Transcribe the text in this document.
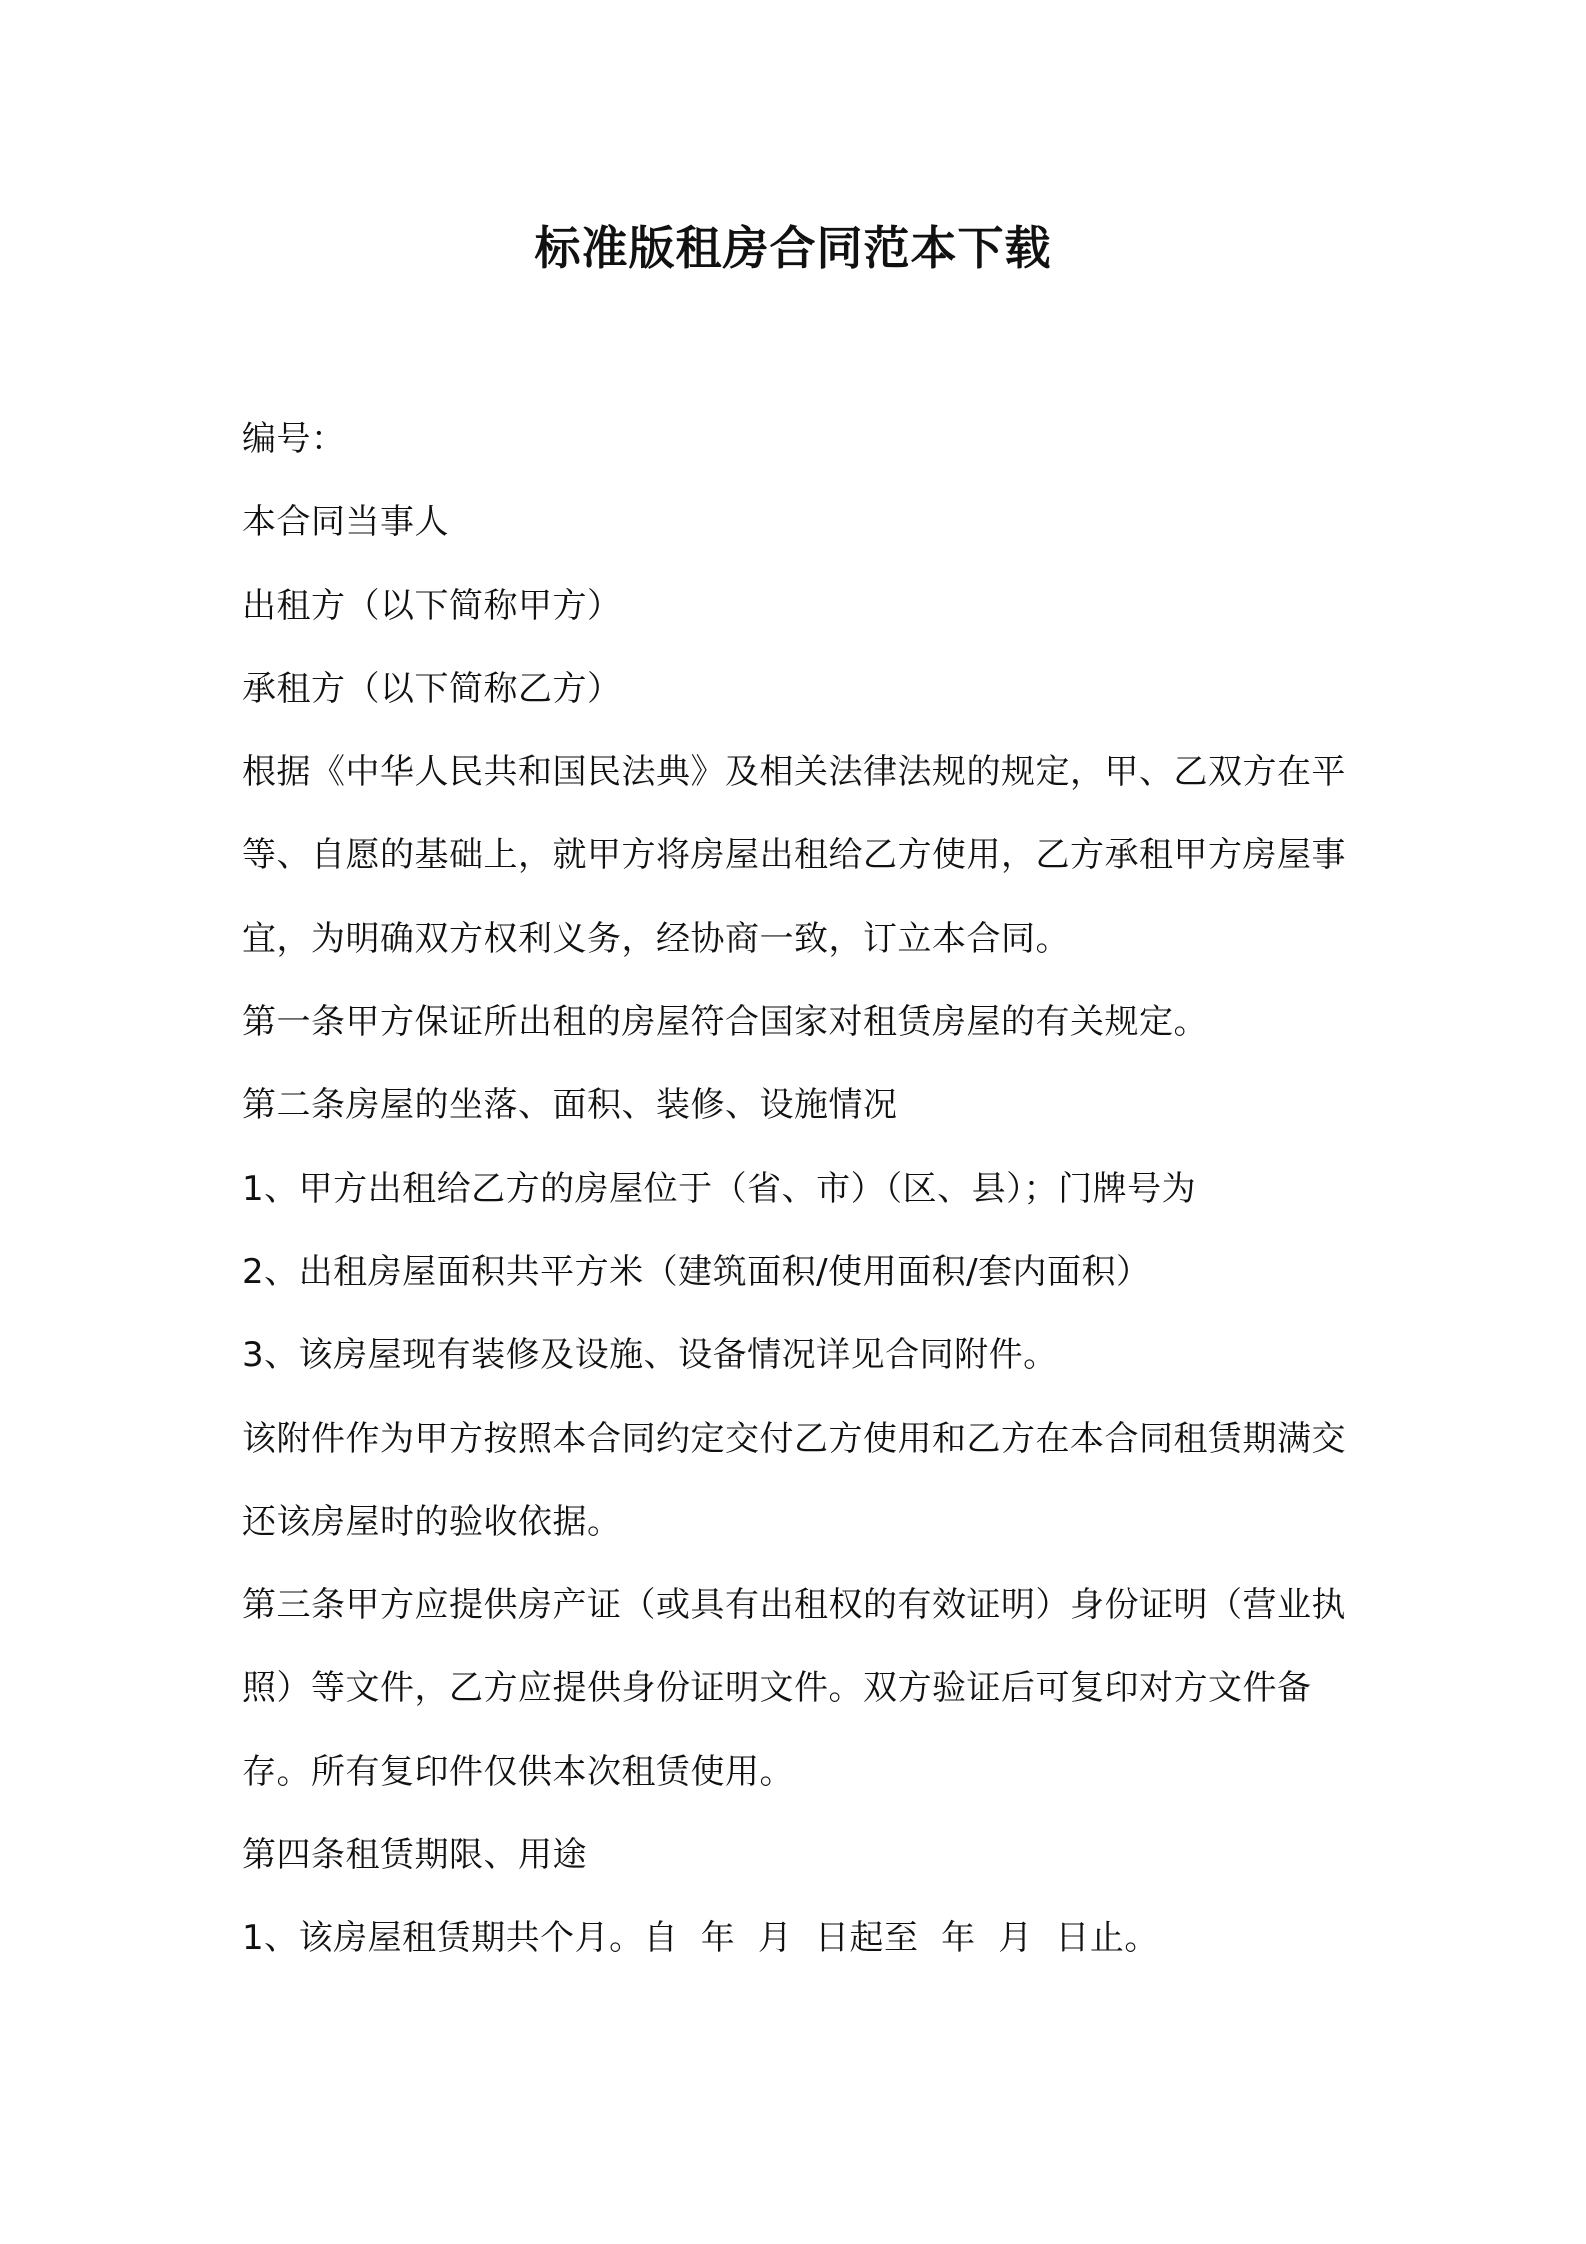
标准版租房合同范本下载

编号：

本合同当事人

出租方（以下简称甲方）

承租方（以下简称乙方）

根据《中华人民共和国民法典》及相关法律法规的规定，甲、乙双方在平等、自愿的基础上，就甲方将房屋出租给乙方使用，乙方承租甲方房屋事宜，为明确双方权利义务，经协商一致，订立本合同。

第一条甲方保证所出租的房屋符合国家对租赁房屋的有关规定。

第二条房屋的坐落、面积、装修、设施情况

1、甲方出租给乙方的房屋位于（省、市）（区、县）；门牌号为

2、出租房屋面积共平方米（建筑面积/使用面积/套内面积）

3、该房屋现有装修及设施、设备情况详见合同附件。

该附件作为甲方按照本合同约定交付乙方使用和乙方在本合同租赁期满交还该房屋时的验收依据。

第三条甲方应提供房产证（或具有出租权的有效证明）身份证明（营业执照）等文件，乙方应提供身份证明文件。双方验证后可复印对方文件备存。所有复印件仅供本次租赁使用。

第四条租赁期限、用途

1、该房屋租赁期共个月。自  年  月  日起至  年  月  日止。
